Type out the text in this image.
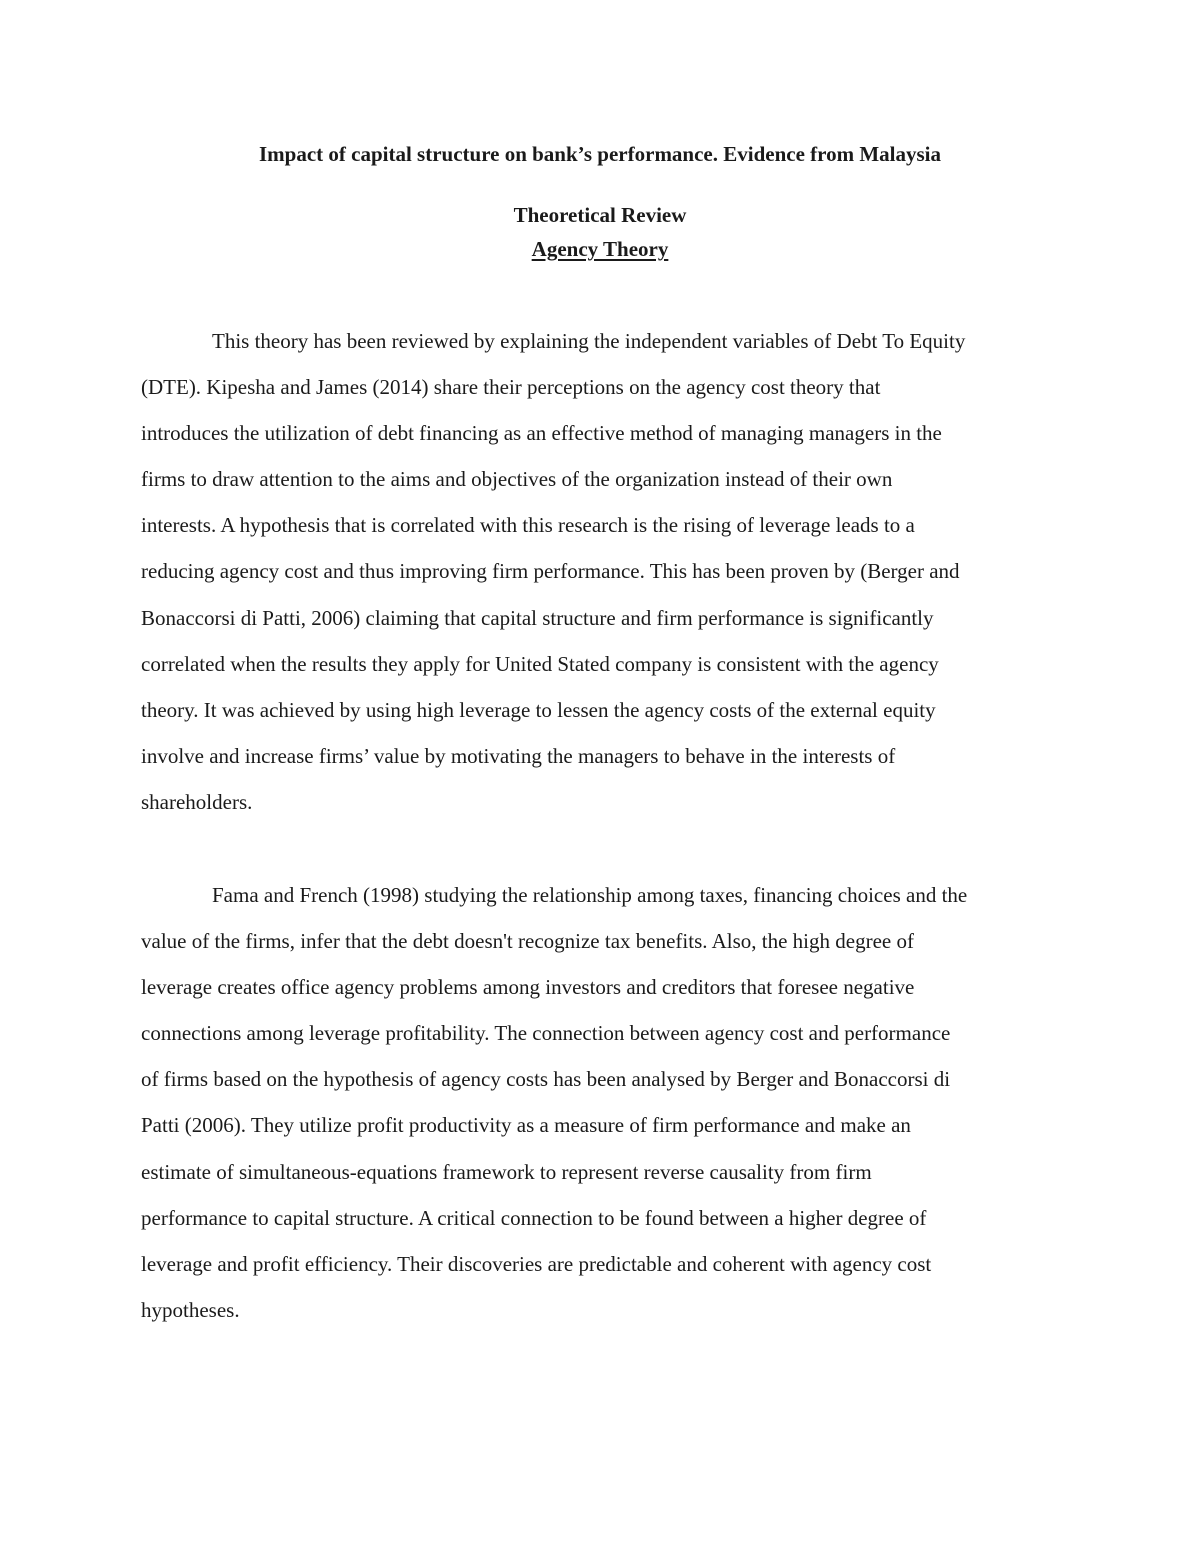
Impact of capital structure on bank’s performance. Evidence from Malaysia
Theoretical Review
Agency Theory
This theory has been reviewed by explaining the independent variables of Debt To Equity
(DTE). Kipesha and James (2014) share their perceptions on the agency cost theory that
introduces the utilization of debt financing as an effective method of managing managers in the
firms to draw attention to the aims and objectives of the organization instead of their own
interests. A hypothesis that is correlated with this research is the rising of leverage leads to a
reducing agency cost and thus improving firm performance. This has been proven by (Berger and
Bonaccorsi di Patti, 2006) claiming that capital structure and firm performance is significantly
correlated when the results they apply for United Stated company is consistent with the agency
theory. It was achieved by using high leverage to lessen the agency costs of the external equity
involve and increase firms’ value by motivating the managers to behave in the interests of
shareholders.
Fama and French (1998) studying the relationship among taxes, financing choices and the
value of the firms, infer that the debt doesn't recognize tax benefits. Also, the high degree of
leverage creates office agency problems among investors and creditors that foresee negative
connections among leverage profitability. The connection between agency cost and performance
of firms based on the hypothesis of agency costs has been analysed by Berger and Bonaccorsi di
Patti (2006). They utilize profit productivity as a measure of firm performance and make an
estimate of simultaneous-equations framework to represent reverse causality from firm
performance to capital structure. A critical connection to be found between a higher degree of
leverage and profit efficiency. Their discoveries are predictable and coherent with agency cost
hypotheses.
